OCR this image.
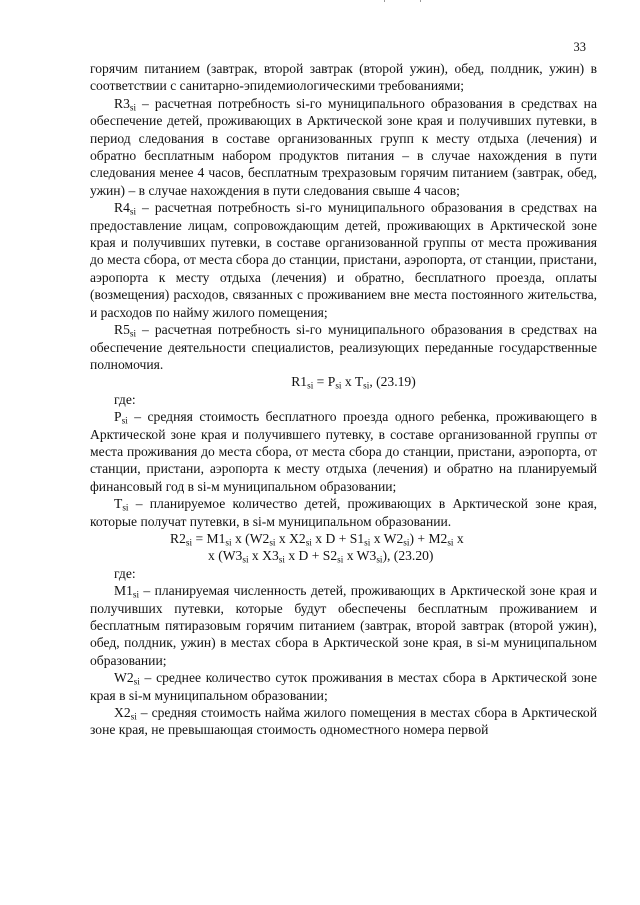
33

горячим питанием (завтрак, второй завтрак (второй ужин), обед, полдник, ужин) в соответствии с санитарно-эпидемиологическими требованиями;

$R3_{si}$ – расчетная потребность si-го муниципального образования в средствах на обеспечение детей, проживающих в Арктической зоне края и получивших путевки, в период следования в составе организованных групп к месту отдыха (лечения) и обратно бесплатным набором продуктов питания – в случае нахождения в пути следования менее 4 часов, бесплатным трехразовым горячим питанием (завтрак, обед, ужин) – в случае нахождения в пути следования свыше 4 часов;

$R4_{si}$ – расчетная потребность si-го муниципального образования в средствах на предоставление лицам, сопровождающим детей, проживающих в Арктической зоне края и получивших путевки, в составе организованной группы от места проживания до места сбора, от места сбора до станции, пристани, аэропорта, от станции, пристани, аэропорта к месту отдыха (лечения) и обратно, бесплатного проезда, оплаты (возмещения) расходов, связанных с проживанием вне места постоянного жительства, и расходов по найму жилого помещения;

$R5_{si}$ – расчетная потребность si-го муниципального образования в средствах на обеспечение деятельности специалистов, реализующих переданные государственные полномочия.

$R1_{si} = P_{si}$ x $T_{si}$, (23.19)

где:

$P_{si}$ – средняя стоимость бесплатного проезда одного ребенка, проживающего в Арктической зоне края и получившего путевку, в составе организованной группы от места проживания до места сбора, от места сбора до станции, пристани, аэропорта, от станции, пристани, аэропорта к месту отдыха (лечения) и обратно на планируемый финансовый год в si-м муниципальном образовании;

$T_{si}$ – планируемое количество детей, проживающих в Арктической зоне края, которые получат путевки, в si-м муниципальном образовании.

$R2_{si} = M1_{si}$ x ($W2_{si}$ x $X2_{si}$ x $D + S1_{si}$ x $W2_{si}) + M2_{si}$ x

x ($W3_{si}$ x $X3_{si}$ x $D + S2_{si}$ x $W3_{si}$), (23.20)

где:

$M1_{si}$ – планируемая численность детей, проживающих в Арктической зоне края и получивших путевки, которые будут обеспечены бесплатным проживанием и бесплатным пятиразовым горячим питанием (завтрак, второй завтрак (второй ужин), обед, полдник, ужин) в местах сбора в Арктической зоне края, в si-м муниципальном образовании;

$W2_{si}$ – среднее количество суток проживания в местах сбора в Арктической зоне края в si-м муниципальном образовании;

$X2_{si}$ – средняя стоимость найма жилого помещения в местах сбора в Арктической зоне края, не превышающая стоимость одноместного номера первой
